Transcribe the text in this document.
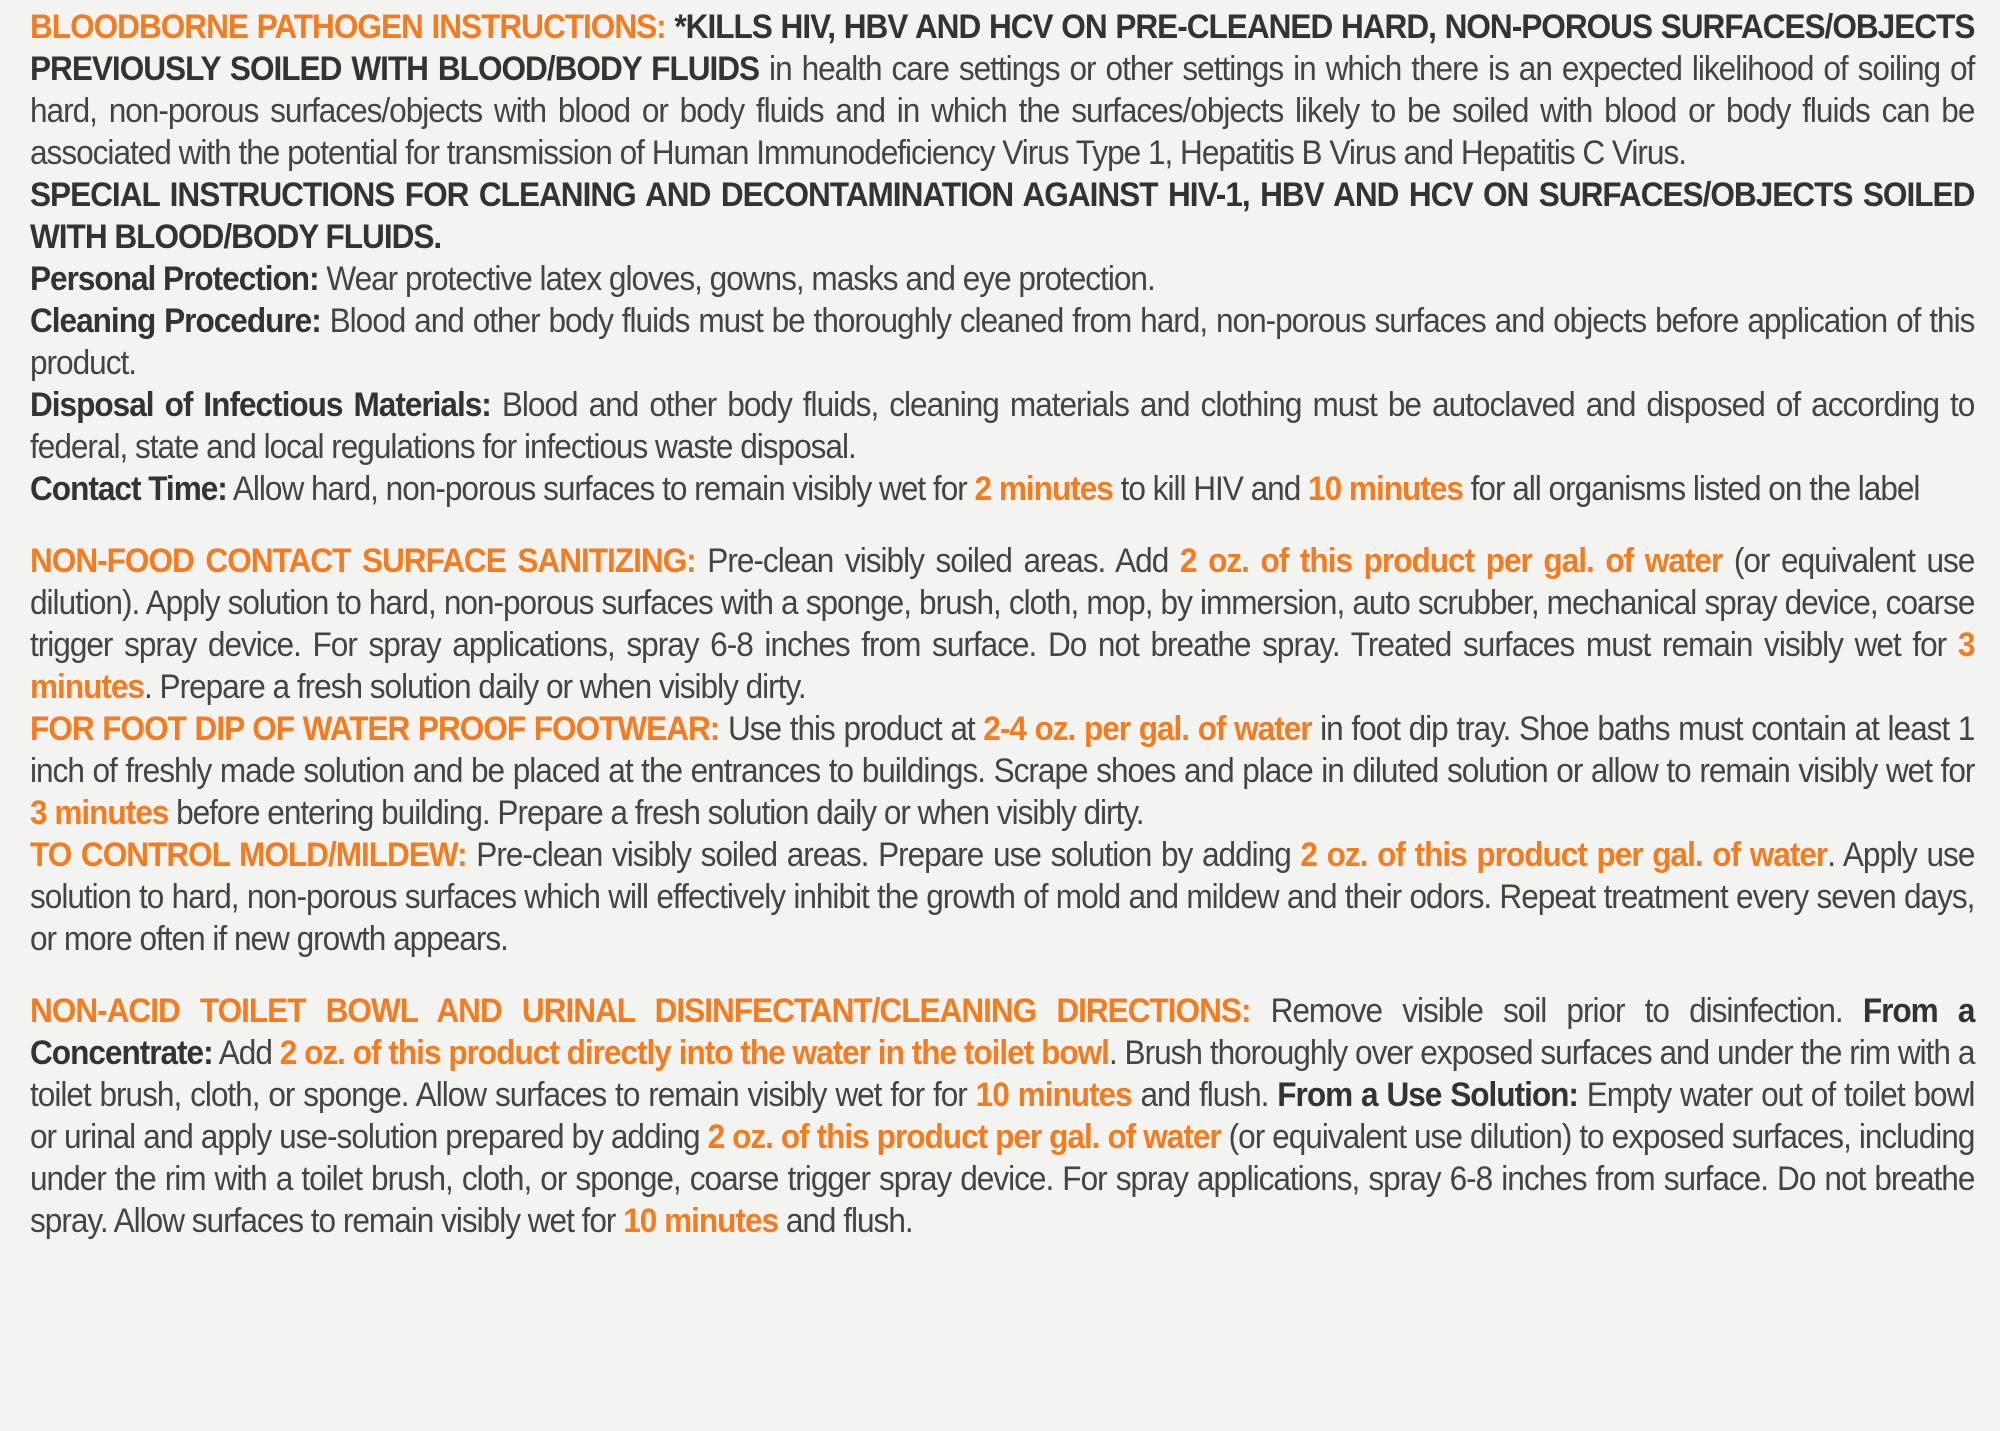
BLOODBORNE PATHOGEN INSTRUCTIONS: *KILLS HIV, HBV AND HCV ON PRE-CLEANED HARD, NON-POROUS SURFACES/OBJECTS PREVIOUSLY SOILED WITH BLOOD/BODY FLUIDS in health care settings or other settings in which there is an expected likelihood of soiling of hard, non-porous surfaces/objects with blood or body fluids and in which the surfaces/objects likely to be soiled with blood or body fluids can be associated with the potential for transmission of Human Immunodeficiency Virus Type 1, Hepatitis B Virus and Hepatitis C Virus.

SPECIAL INSTRUCTIONS FOR CLEANING AND DECONTAMINATION AGAINST HIV-1, HBV AND HCV ON SURFACES/OBJECTS SOILED WITH BLOOD/BODY FLUIDS.

Personal Protection: Wear protective latex gloves, gowns, masks and eye protection.

Cleaning Procedure: Blood and other body fluids must be thoroughly cleaned from hard, non-porous surfaces and objects before application of this product.

Disposal of Infectious Materials: Blood and other body fluids, cleaning materials and clothing must be autoclaved and disposed of according to federal, state and local regulations for infectious waste disposal.

Contact Time: Allow hard, non-porous surfaces to remain visibly wet for 2 minutes to kill HIV and 10 minutes for all organisms listed on the label

NON-FOOD CONTACT SURFACE SANITIZING: Pre-clean visibly soiled areas. Add 2 oz. of this product per gal. of water (or equivalent use dilution). Apply solution to hard, non-porous surfaces with a sponge, brush, cloth, mop, by immersion, auto scrubber, mechanical spray device, coarse trigger spray device. For spray applications, spray 6-8 inches from surface. Do not breathe spray. Treated surfaces must remain visibly wet for 3 minutes. Prepare a fresh solution daily or when visibly dirty.

FOR FOOT DIP OF WATER PROOF FOOTWEAR: Use this product at 2-4 oz. per gal. of water in foot dip tray. Shoe baths must contain at least 1 inch of freshly made solution and be placed at the entrances to buildings. Scrape shoes and place in diluted solution or allow to remain visibly wet for 3 minutes before entering building. Prepare a fresh solution daily or when visibly dirty.

TO CONTROL MOLD/MILDEW: Pre-clean visibly soiled areas. Prepare use solution by adding 2 oz. of this product per gal. of water. Apply use solution to hard, non-porous surfaces which will effectively inhibit the growth of mold and mildew and their odors. Repeat treatment every seven days, or more often if new growth appears.

NON-ACID TOILET BOWL AND URINAL DISINFECTANT/CLEANING DIRECTIONS: Remove visible soil prior to disinfection. From a Concentrate: Add 2 oz. of this product directly into the water in the toilet bowl. Brush thoroughly over exposed surfaces and under the rim with a toilet brush, cloth, or sponge. Allow surfaces to remain visibly wet for for 10 minutes and flush. From a Use Solution: Empty water out of toilet bowl or urinal and apply use-solution prepared by adding 2 oz. of this product per gal. of water (or equivalent use dilution) to exposed surfaces, including under the rim with a toilet brush, cloth, or sponge, coarse trigger spray device. For spray applications, spray 6-8 inches from surface. Do not breathe spray. Allow surfaces to remain visibly wet for 10 minutes and flush.
